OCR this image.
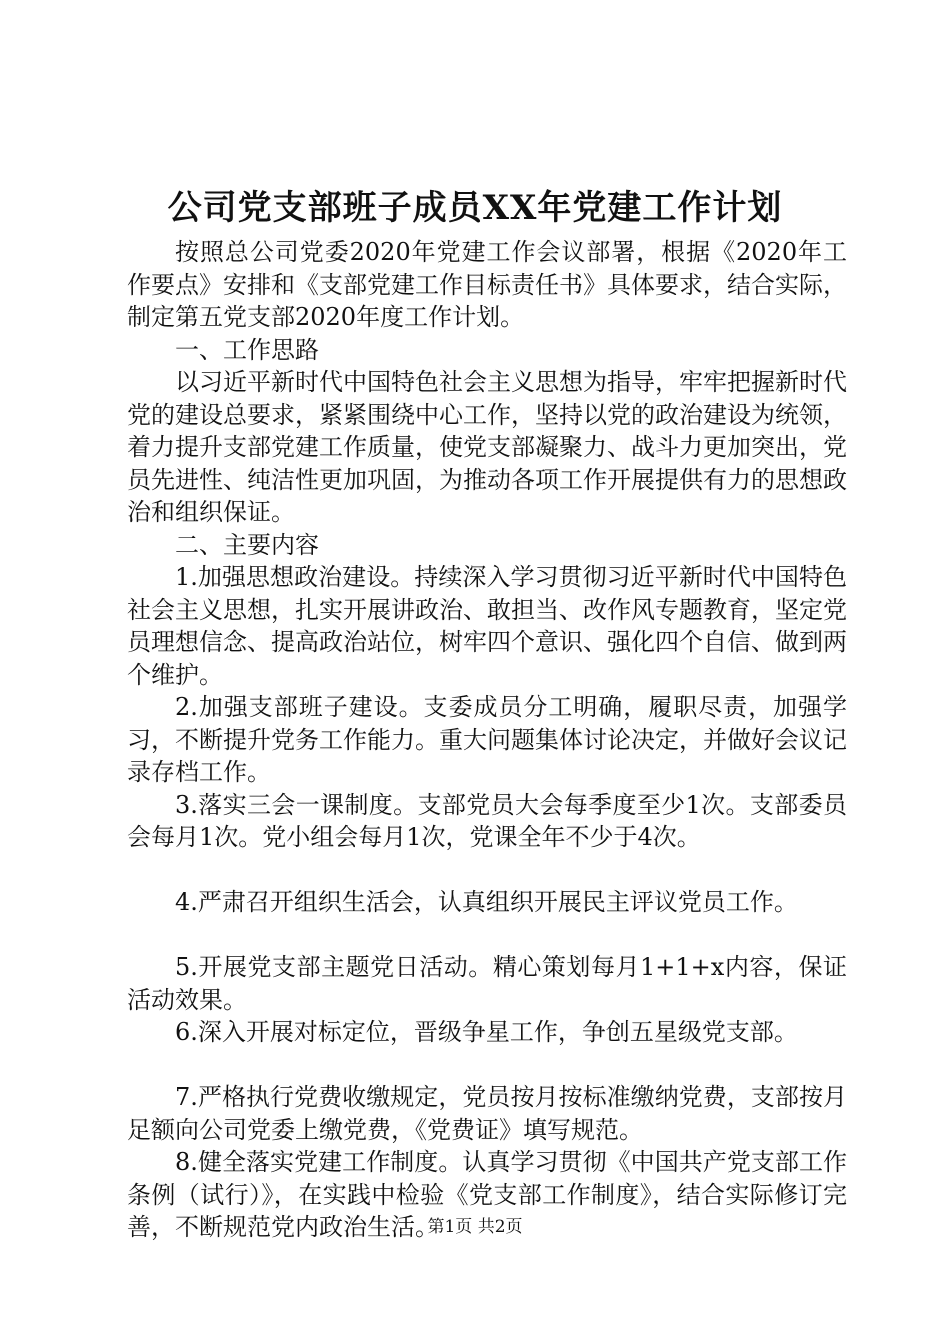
公司党支部班子成员XX年党建工作计划

按照总公司党委2020年党建工作会议部署，根据《2020年工作要点》安排和《支部党建工作目标责任书》具体要求，结合实际，制定第五党支部2020年度工作计划。

一、工作思路

以习近平新时代中国特色社会主义思想为指导，牢牢把握新时代党的建设总要求，紧紧围绕中心工作，坚持以党的政治建设为统领，着力提升支部党建工作质量，使党支部凝聚力、战斗力更加突出，党员先进性、纯洁性更加巩固，为推动各项工作开展提供有力的思想政治和组织保证。

二、主要内容

1.加强思想政治建设。持续深入学习贯彻习近平新时代中国特色社会主义思想，扎实开展讲政治、敢担当、改作风专题教育，坚定党员理想信念、提高政治站位，树牢四个意识、强化四个自信、做到两个维护。

2.加强支部班子建设。支委成员分工明确，履职尽责，加强学习，不断提升党务工作能力。重大问题集体讨论决定，并做好会议记录存档工作。

3.落实三会一课制度。支部党员大会每季度至少1次。支部委员会每月1次。党小组会每月1次，党课全年不少于4次。

4.严肃召开组织生活会，认真组织开展民主评议党员工作。

5.开展党支部主题党日活动。精心策划每月1+1+x内容，保证活动效果。

6.深入开展对标定位，晋级争星工作，争创五星级党支部。

7.严格执行党费收缴规定，党员按月按标准缴纳党费，支部按月足额向公司党委上缴党费，《党费证》填写规范。

8.健全落实党建工作制度。认真学习贯彻《中国共产党支部工作条例（试行）》，在实践中检验《党支部工作制度》，结合实际修订完善，不断规范党内政治生活。

第1页 共2页
